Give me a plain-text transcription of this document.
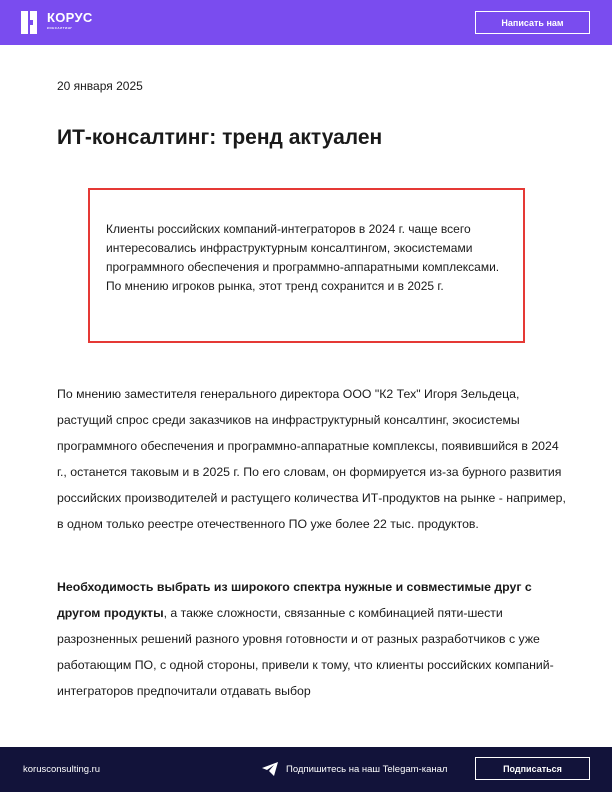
КОРУС
КОНСАЛТИНГ
Написать нам
20 января 2025
ИТ-консалтинг: тренд актуален

Клиенты российских компаний-интеграторов в 2024 г. чаще всего интересовались инфраструктурным консалтингом, экосистемами программного обеспечения и программно-аппаратными комплексами. По мнению игроков рынка, этот тренд сохранится и в 2025 г.

По мнению заместителя генерального директора ООО "К2 Тех" Игоря Зельдеца, растущий спрос среди заказчиков на инфраструктурный консалтинг, экосистемы программного обеспечения и программно-аппаратные комплексы, появившийся в 2024 г., останется таковым и в 2025 г. По его словам, он формируется из-за бурного развития российских производителей и растущего количества ИТ-продуктов на рынке - например, в одном только реестре отечественного ПО уже более 22 тыс. продуктов.

Необходимость выбрать из широкого спектра нужные и совместимые друг с другом продукты, а также сложности, связанные с комбинацией пяти-шести разрозненных решений разного уровня готовности и от разных разработчиков с уже работающим ПО, с одной стороны, привели к тому, что клиенты российских компаний-интеграторов предпочитали отдавать выбор

korusconsulting.ru	Подпишитесь на наш Telegam-канал	Подписаться
